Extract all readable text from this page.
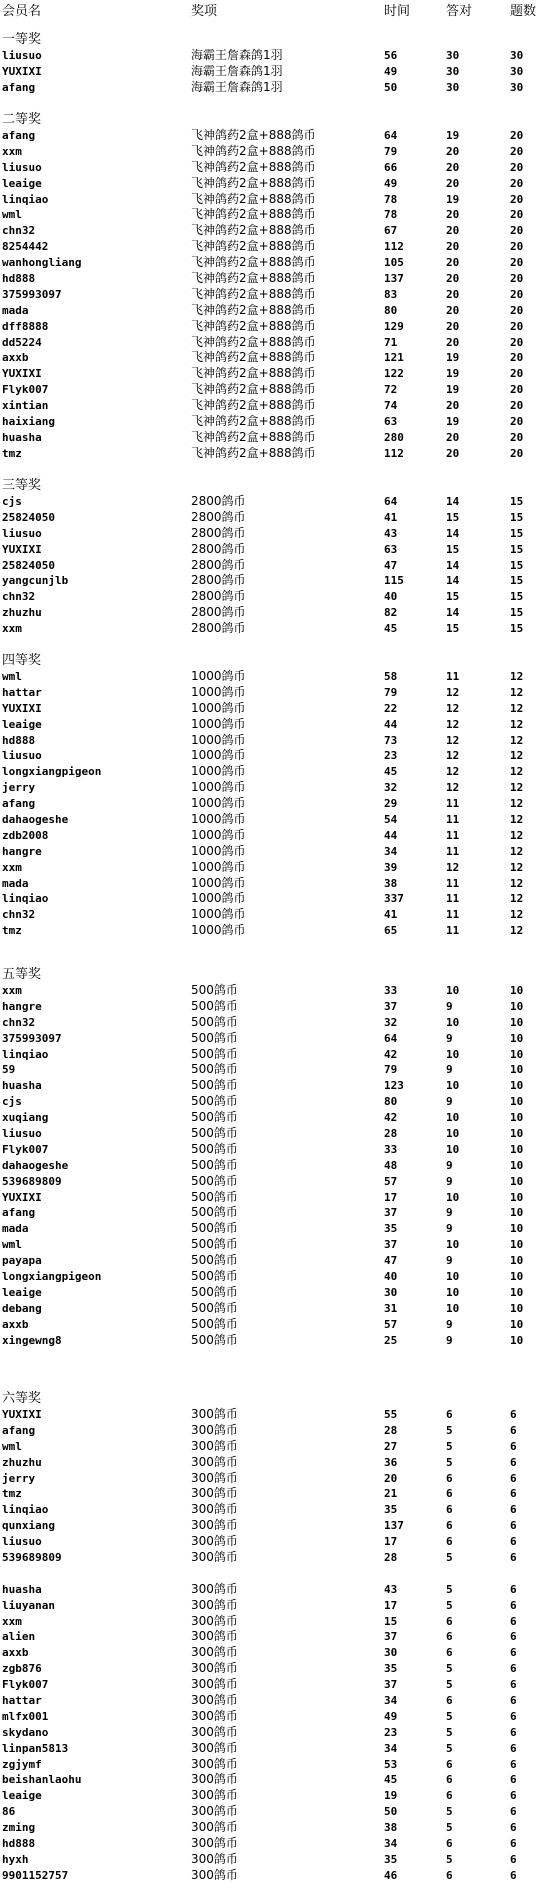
会员名	奖项	时间	答对	题数
一等奖
liusuo	海霸王詹森鸽1羽	56	30	30
YUXIXI	海霸王詹森鸽1羽	49	30	30
afang	海霸王詹森鸽1羽	50	30	30
二等奖
afang	飞神鸽药2盒+888鸽币	64	19	20
xxm	飞神鸽药2盒+888鸽币	79	20	20
liusuo	飞神鸽药2盒+888鸽币	66	20	20
leaige	飞神鸽药2盒+888鸽币	49	20	20
linqiao	飞神鸽药2盒+888鸽币	78	19	20
wml	飞神鸽药2盒+888鸽币	78	20	20
chn32	飞神鸽药2盒+888鸽币	67	20	20
8254442	飞神鸽药2盒+888鸽币	112	20	20
wanhongliang	飞神鸽药2盒+888鸽币	105	20	20
hd888	飞神鸽药2盒+888鸽币	137	20	20
375993097	飞神鸽药2盒+888鸽币	83	20	20
mada	飞神鸽药2盒+888鸽币	80	20	20
dff8888	飞神鸽药2盒+888鸽币	129	20	20
dd5224	飞神鸽药2盒+888鸽币	71	20	20
axxb	飞神鸽药2盒+888鸽币	121	19	20
YUXIXI	飞神鸽药2盒+888鸽币	122	19	20
Flyk007	飞神鸽药2盒+888鸽币	72	19	20
xintian	飞神鸽药2盒+888鸽币	74	20	20
haixiang	飞神鸽药2盒+888鸽币	63	19	20
huasha	飞神鸽药2盒+888鸽币	280	20	20
tmz	飞神鸽药2盒+888鸽币	112	20	20
三等奖
cjs	2800鸽币	64	14	15
25824050	2800鸽币	41	15	15
liusuo	2800鸽币	43	14	15
YUXIXI	2800鸽币	63	15	15
25824050	2800鸽币	47	14	15
yangcunjlb	2800鸽币	115	14	15
chn32	2800鸽币	40	15	15
zhuzhu	2800鸽币	82	14	15
xxm	2800鸽币	45	15	15
四等奖
wml	1000鸽币	58	11	12
hattar	1000鸽币	79	12	12
YUXIXI	1000鸽币	22	12	12
leaige	1000鸽币	44	12	12
hd888	1000鸽币	73	12	12
liusuo	1000鸽币	23	12	12
longxiangpigeon	1000鸽币	45	12	12
jerry	1000鸽币	32	12	12
afang	1000鸽币	29	11	12
dahaogeshe	1000鸽币	54	11	12
zdb2008	1000鸽币	44	11	12
hangre	1000鸽币	34	11	12
xxm	1000鸽币	39	12	12
mada	1000鸽币	38	11	12
linqiao	1000鸽币	337	11	12
chn32	1000鸽币	41	11	12
tmz	1000鸽币	65	11	12
五等奖
xxm	500鸽币	33	10	10
hangre	500鸽币	37	9	10
chn32	500鸽币	32	10	10
375993097	500鸽币	64	9	10
linqiao	500鸽币	42	10	10
59	500鸽币	79	9	10
huasha	500鸽币	123	10	10
cjs	500鸽币	80	9	10
xuqiang	500鸽币	42	10	10
liusuo	500鸽币	28	10	10
Flyk007	500鸽币	33	10	10
dahaogeshe	500鸽币	48	9	10
539689809	500鸽币	57	9	10
YUXIXI	500鸽币	17	10	10
afang	500鸽币	37	9	10
mada	500鸽币	35	9	10
wml	500鸽币	37	10	10
payapa	500鸽币	47	9	10
longxiangpigeon	500鸽币	40	10	10
leaige	500鸽币	30	10	10
debang	500鸽币	31	10	10
axxb	500鸽币	57	9	10
xingewng8	500鸽币	25	9	10
六等奖
YUXIXI	300鸽币	55	6	6
afang	300鸽币	28	5	6
wml	300鸽币	27	5	6
zhuzhu	300鸽币	36	5	6
jerry	300鸽币	20	6	6
tmz	300鸽币	21	6	6
linqiao	300鸽币	35	6	6
qunxiang	300鸽币	137	6	6
liusuo	300鸽币	17	6	6
539689809	300鸽币	28	5	6
huasha	300鸽币	43	5	6
liuyanan	300鸽币	17	5	6
xxm	300鸽币	15	6	6
alien	300鸽币	37	6	6
axxb	300鸽币	30	6	6
zgb876	300鸽币	35	5	6
Flyk007	300鸽币	37	5	6
hattar	300鸽币	34	6	6
mlfx001	300鸽币	49	5	6
skydano	300鸽币	23	5	6
linpan5813	300鸽币	34	5	6
zgjymf	300鸽币	53	6	6
beishanlaohu	300鸽币	45	6	6
leaige	300鸽币	19	6	6
86	300鸽币	50	5	6
zming	300鸽币	38	5	6
hd888	300鸽币	34	6	6
hyxh	300鸽币	35	5	6
9901152757	300鸽币	46	6	6
